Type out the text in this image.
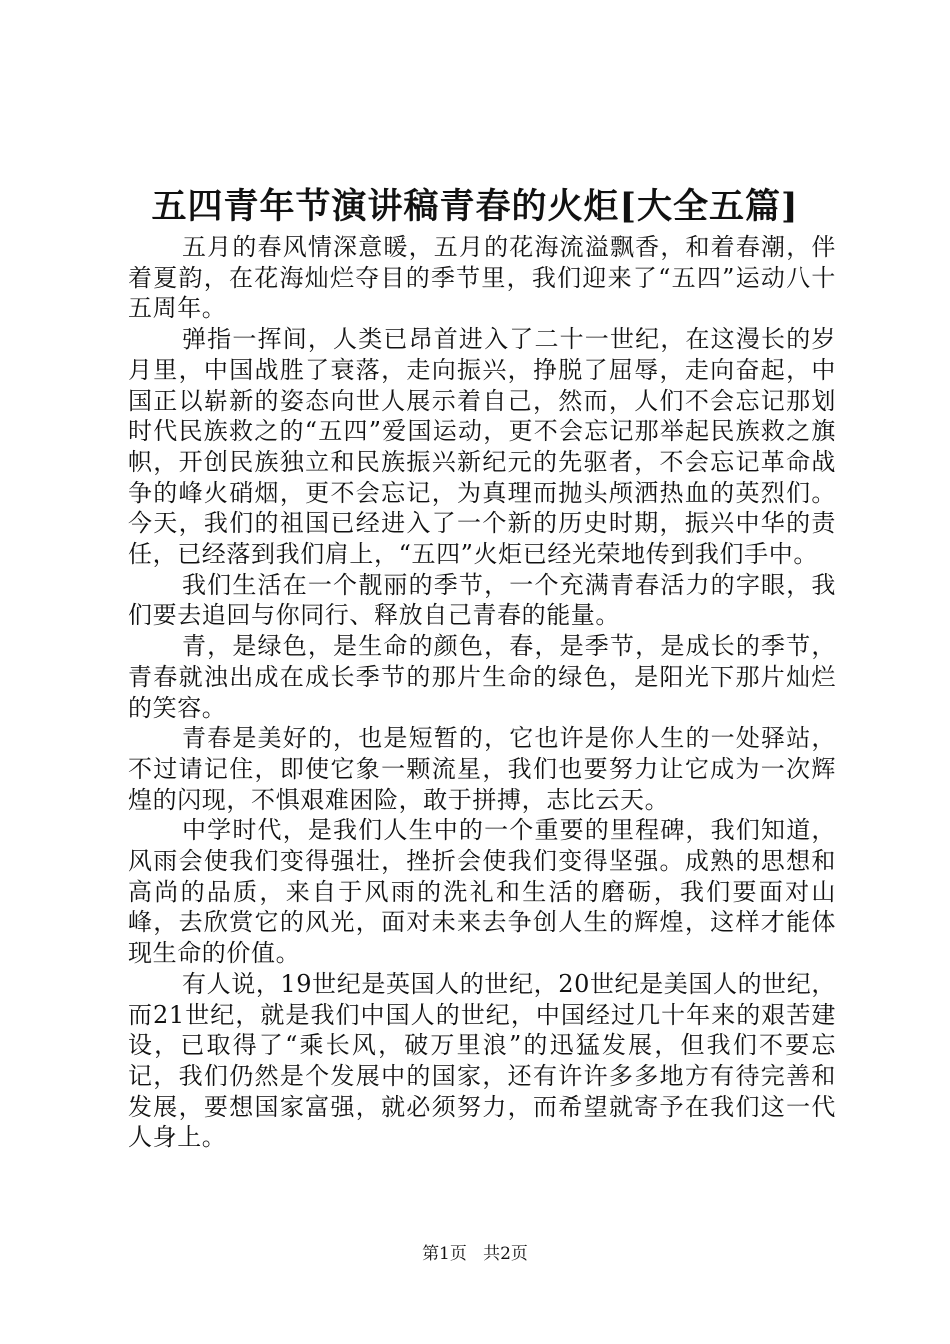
五四青年节演讲稿青春的火炬[大全五篇]

五月的春风情深意暖，五月的花海流溢飘香，和着春潮，伴着夏韵，在花海灿烂夺目的季节里，我们迎来了“五四”运动八十五周年。

弹指一挥间，人类已昂首进入了二十一世纪，在这漫长的岁月里，中国战胜了衰落，走向振兴，挣脱了屈辱，走向奋起，中国正以崭新的姿态向世人展示着自己，然而，人们不会忘记那划时代民族救之的“五四”爱国运动，更不会忘记那举起民族救之旗帜，开创民族独立和民族振兴新纪元的先驱者，不会忘记革命战争的峰火硝烟，更不会忘记，为真理而抛头颅洒热血的英烈们。今天，我们的祖国已经进入了一个新的历史时期，振兴中华的责任，已经落到我们肩上，“五四”火炬已经光荣地传到我们手中。

我们生活在一个靓丽的季节，一个充满青春活力的字眼，我们要去追回与你同行、释放自己青春的能量。

青，是绿色，是生命的颜色，春，是季节，是成长的季节，青春就浊出成在成长季节的那片生命的绿色，是阳光下那片灿烂的笑容。

青春是美好的，也是短暂的，它也许是你人生的一处驿站，不过请记住，即使它象一颗流星，我们也要努力让它成为一次辉煌的闪现，不惧艰难困险，敢于拼搏，志比云天。

中学时代，是我们人生中的一个重要的里程碑，我们知道，风雨会使我们变得强壮，挫折会使我们变得坚强。成熟的思想和高尚的品质，来自于风雨的洗礼和生活的磨砺，我们要面对山峰，去欣赏它的风光，面对未来去争创人生的辉煌，这样才能体现生命的价值。

有人说，19世纪是英国人的世纪，20世纪是美国人的世纪，而21世纪，就是我们中国人的世纪，中国经过几十年来的艰苦建设，已取得了“乘长风，破万里浪”的迅猛发展，但我们不要忘记，我们仍然是个发展中的国家，还有许许多多地方有待完善和发展，要想国家富强，就必须努力，而希望就寄予在我们这一代人身上。

第1页 共2页
